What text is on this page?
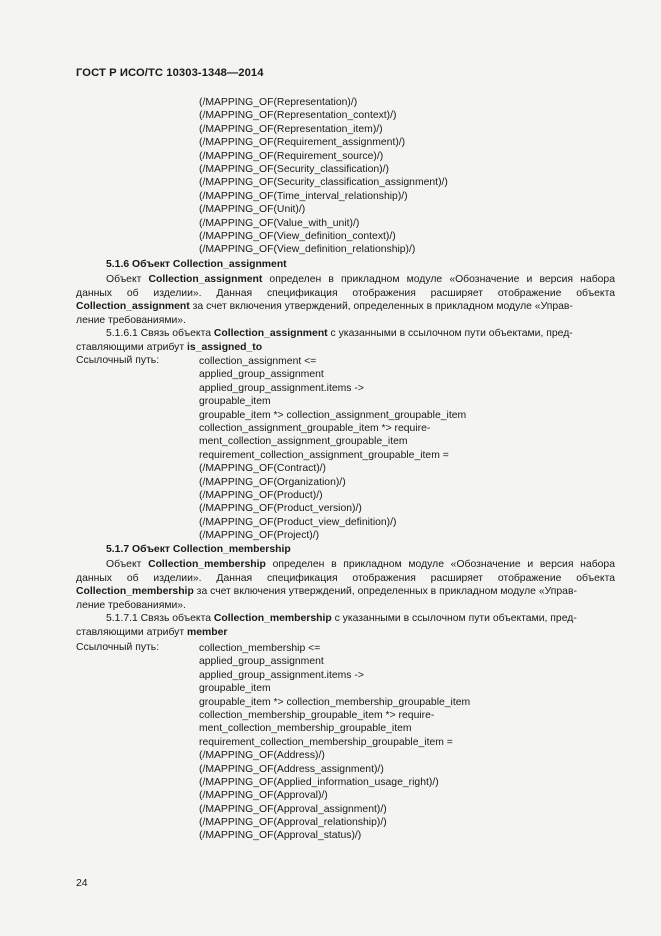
ГОСТ Р ИСО/ТС 10303-1348—2014
(/MAPPING_OF(Representation)/)
(/MAPPING_OF(Representation_context)/)
(/MAPPING_OF(Representation_item)/)
(/MAPPING_OF(Requirement_assignment)/)
(/MAPPING_OF(Requirement_source)/)
(/MAPPING_OF(Security_classification)/)
(/MAPPING_OF(Security_classification_assignment)/)
(/MAPPING_OF(Time_interval_relationship)/)
(/MAPPING_OF(Unit)/)
(/MAPPING_OF(Value_with_unit)/)
(/MAPPING_OF(View_definition_context)/)
(/MAPPING_OF(View_definition_relationship)/)
5.1.6 Объект Collection_assignment
Объект Collection_assignment определен в прикладном модуле «Обозначение и версия набора
данных об изделии». Данная спецификация отображения расширяет отображение объекта
Collection_assignment за счет включения утверждений, определенных в прикладном модуле «Управ-
ление требованиями».
5.1.6.1 Связь объекта Collection_assignment с указанными в ссылочном пути объектами, пред-
ставляющими атрибут is_assigned_to
Ссылочный путь:	collection_assignment <=
applied_group_assignment
applied_group_assignment.items ->
groupable_item
groupable_item *> collection_assignment_groupable_item
collection_assignment_groupable_item *> require-
ment_collection_assignment_groupable_item
requirement_collection_assignment_groupable_item =
(/MAPPING_OF(Contract)/)
(/MAPPING_OF(Organization)/)
(/MAPPING_OF(Product)/)
(/MAPPING_OF(Product_version)/)
(/MAPPING_OF(Product_view_definition)/)
(/MAPPING_OF(Project)/)
5.1.7 Объект Collection_membership
Объект Collection_membership определен в прикладном модуле «Обозначение и версия набора
данных об изделии». Данная спецификация отображения расширяет отображение объекта
Collection_membership за счет включения утверждений, определенных в прикладном модуле «Управ-
ление требованиями».
5.1.7.1 Связь объекта Collection_membership с указанными в ссылочном пути объектами, пред-
ставляющими атрибут member
Ссылочный путь:	collection_membership <=
applied_group_assignment
applied_group_assignment.items ->
groupable_item
groupable_item *> collection_membership_groupable_item
collection_membership_groupable_item *> require-
ment_collection_membership_groupable_item
requirement_collection_membership_groupable_item =
(/MAPPING_OF(Address)/)
(/MAPPING_OF(Address_assignment)/)
(/MAPPING_OF(Applied_information_usage_right)/)
(/MAPPING_OF(Approval)/)
(/MAPPING_OF(Approval_assignment)/)
(/MAPPING_OF(Approval_relationship)/)
(/MAPPING_OF(Approval_status)/)
24
